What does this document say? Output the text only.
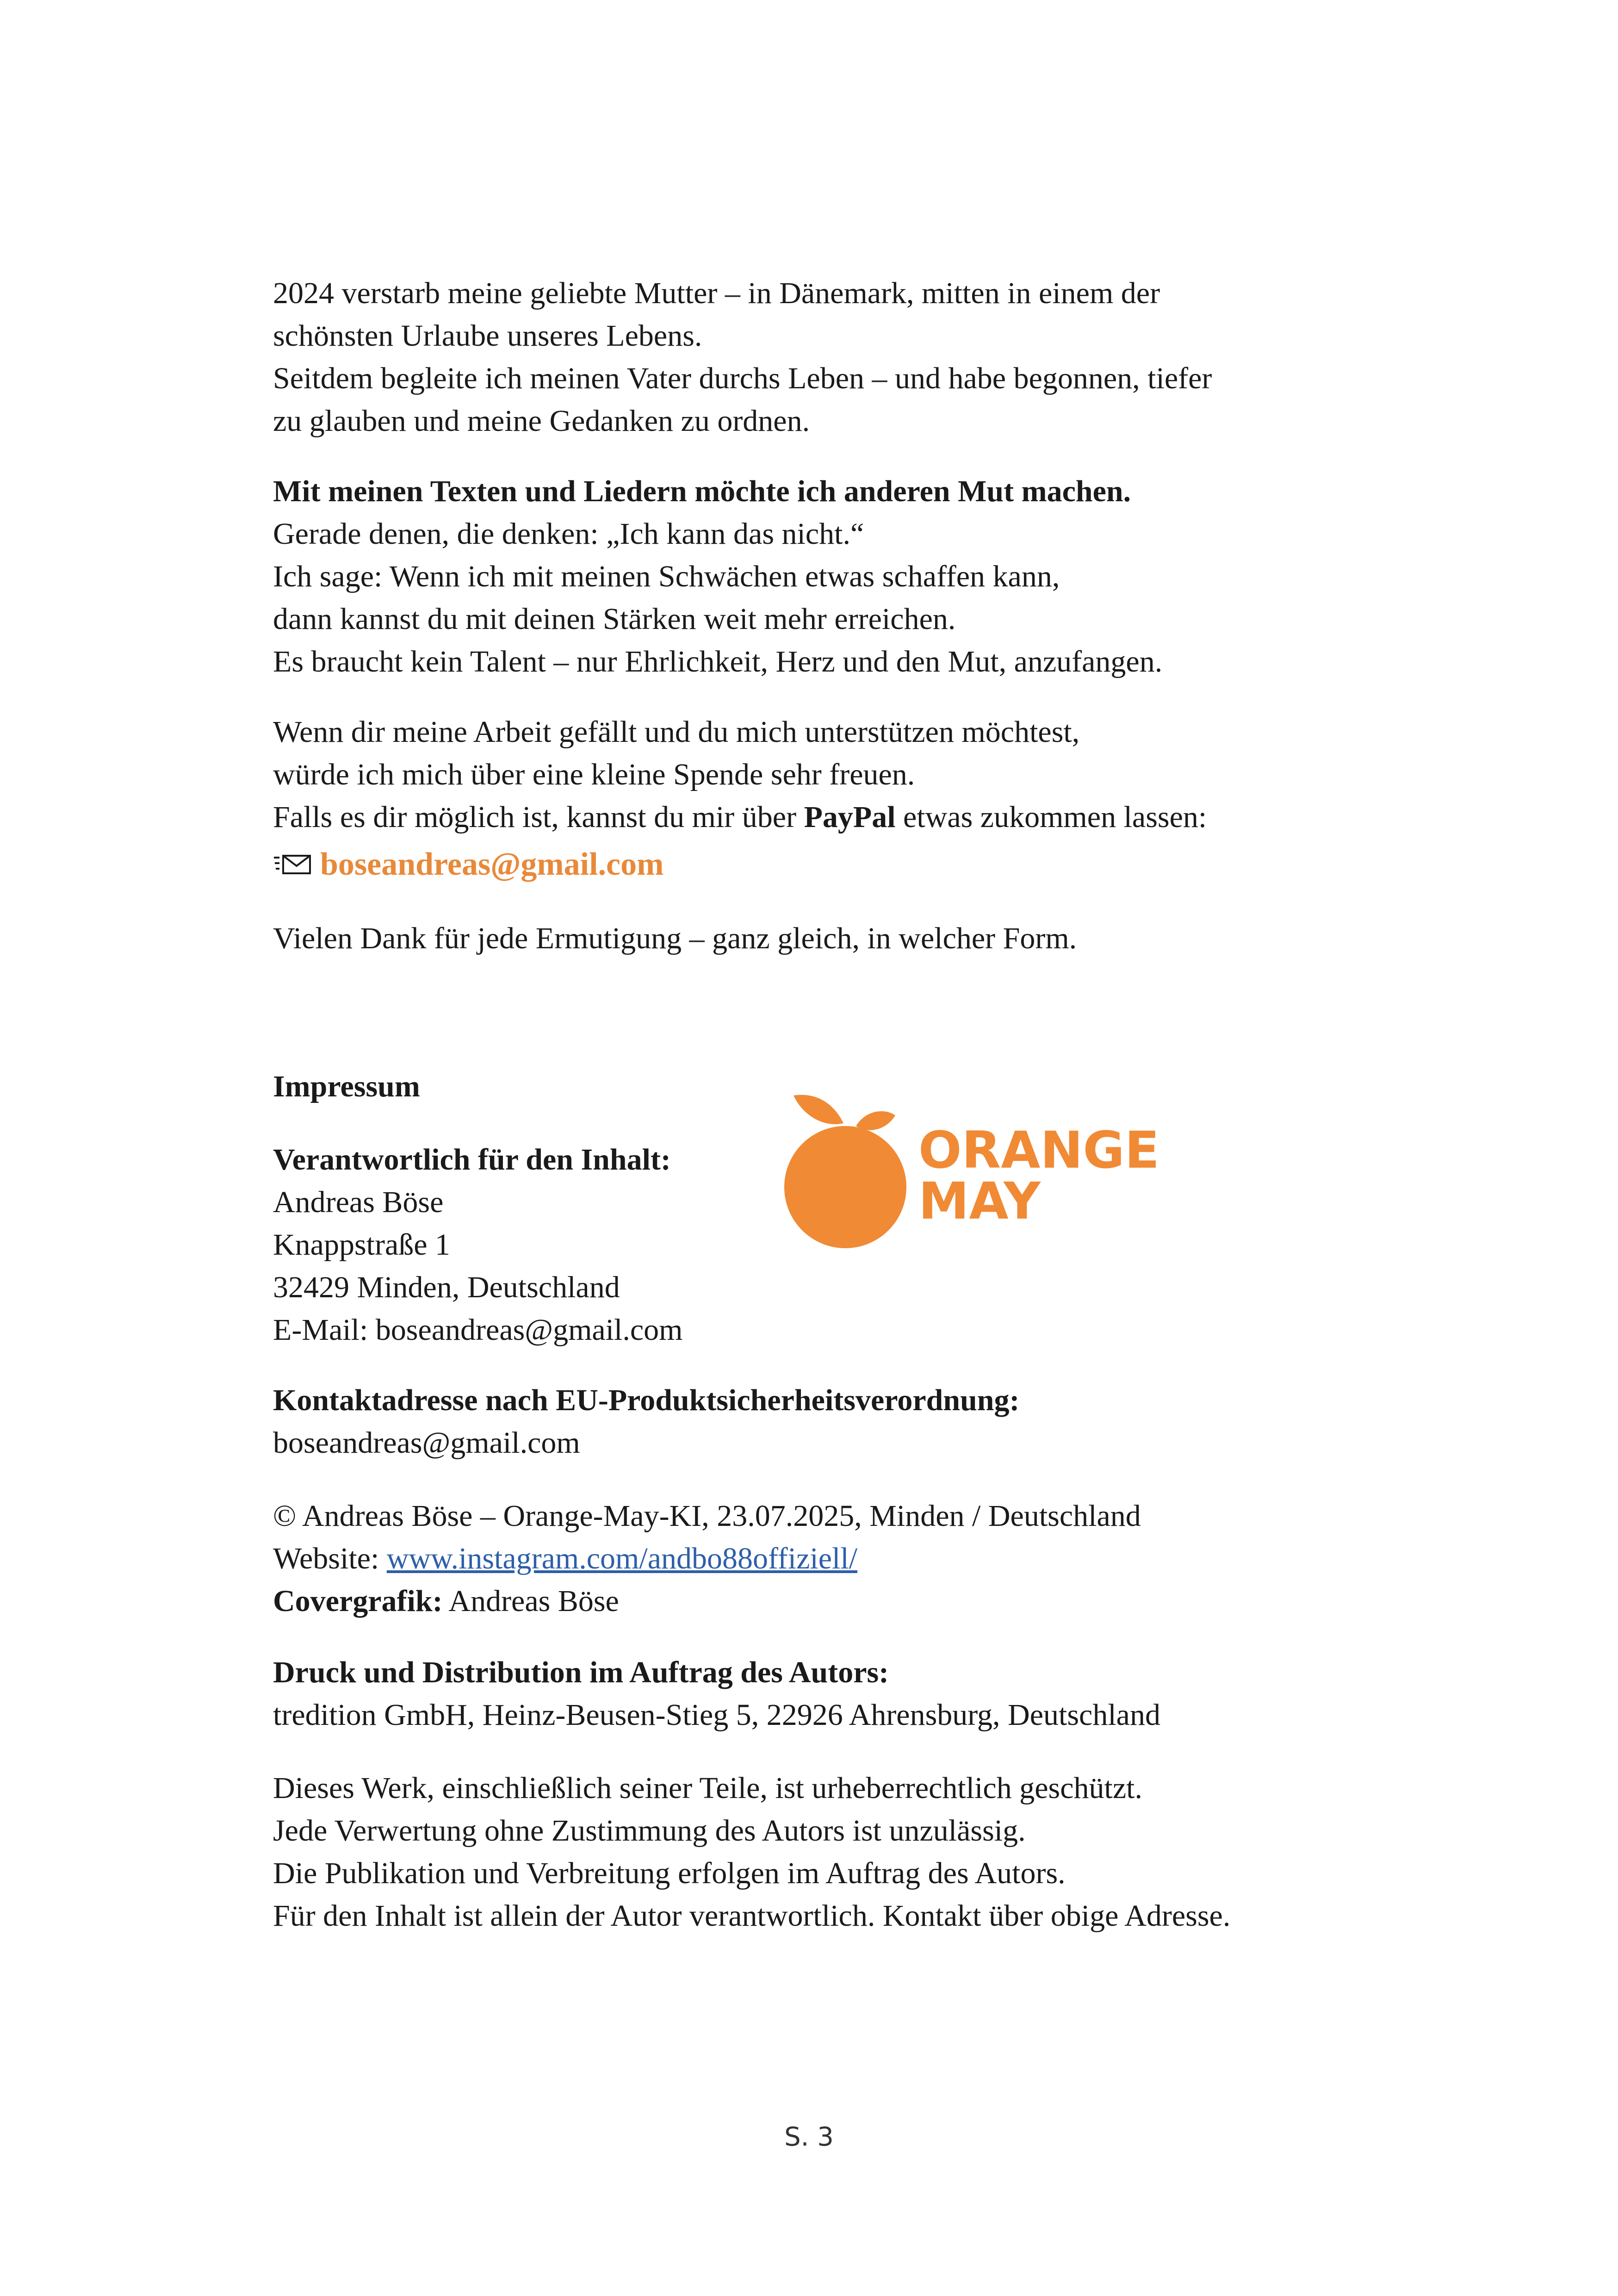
2024 verstarb meine geliebte Mutter – in Dänemark, mitten in einem der
schönsten Urlaube unseres Lebens.
Seitdem begleite ich meinen Vater durchs Leben – und habe begonnen, tiefer
zu glauben und meine Gedanken zu ordnen.
Mit meinen Texten und Liedern möchte ich anderen Mut machen.
Gerade denen, die denken: „Ich kann das nicht.“
Ich sage: Wenn ich mit meinen Schwächen etwas schaffen kann,
dann kannst du mit deinen Stärken weit mehr erreichen.
Es braucht kein Talent – nur Ehrlichkeit, Herz und den Mut, anzufangen.
Wenn dir meine Arbeit gefällt und du mich unterstützen möchtest,
würde ich mich über eine kleine Spende sehr freuen.
Falls es dir möglich ist, kannst du mir über PayPal etwas zukommen lassen:
boseandreas@gmail.com
Vielen Dank für jede Ermutigung – ganz gleich, in welcher Form.
Impressum
Verantwortlich für den Inhalt:
Andreas Böse
Knappstraße 1
32429 Minden, Deutschland
E-Mail: boseandreas@gmail.com
ORANGE
MAY
Kontaktadresse nach EU-Produktsicherheitsverordnung:
boseandreas@gmail.com
© Andreas Böse – Orange-May-KI, 23.07.2025, Minden / Deutschland
Website: www.instagram.com/andbo88offiziell/
Covergrafik: Andreas Böse
Druck und Distribution im Auftrag des Autors:
tredition GmbH, Heinz-Beusen-Stieg 5, 22926 Ahrensburg, Deutschland
Dieses Werk, einschließlich seiner Teile, ist urheberrechtlich geschützt.
Jede Verwertung ohne Zustimmung des Autors ist unzulässig.
Die Publikation und Verbreitung erfolgen im Auftrag des Autors.
Für den Inhalt ist allein der Autor verantwortlich. Kontakt über obige Adresse.
S. 3
